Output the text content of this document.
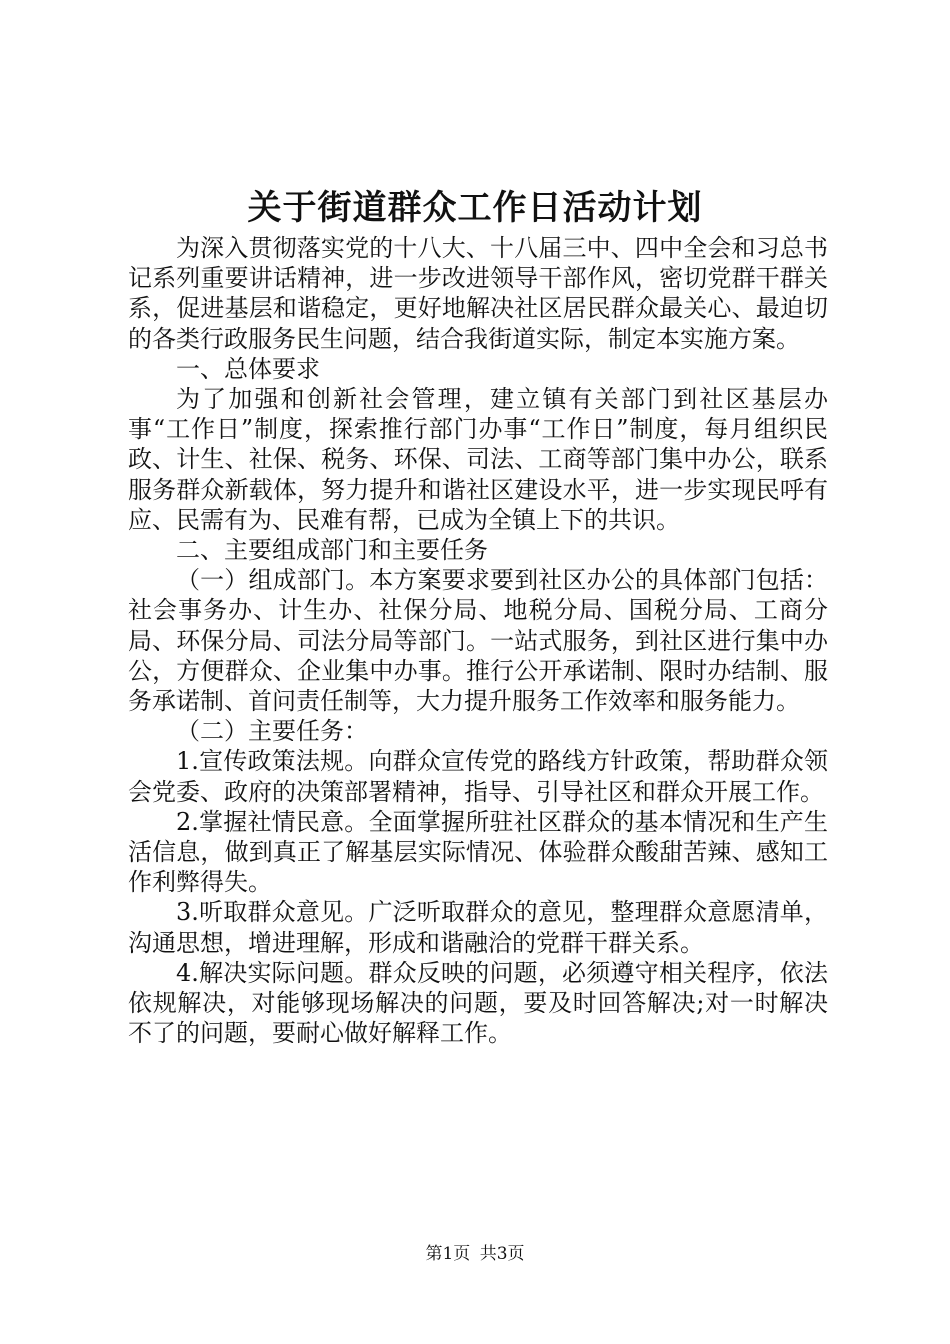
关于街道群众工作日活动计划

为深入贯彻落实党的十八大、十八届三中、四中全会和习总书记系列重要讲话精神，进一步改进领导干部作风，密切党群干群关系，促进基层和谐稳定，更好地解决社区居民群众最关心、最迫切的各类行政服务民生问题，结合我街道实际，制定本实施方案。

一、总体要求

为了加强和创新社会管理，建立镇有关部门到社区基层办事“工作日”制度，探索推行部门办事“工作日”制度，每月组织民政、计生、社保、税务、环保、司法、工商等部门集中办公，联系服务群众新载体，努力提升和谐社区建设水平，进一步实现民呼有应、民需有为、民难有帮，已成为全镇上下的共识。

二、主要组成部门和主要任务

（一）组成部门。本方案要求要到社区办公的具体部门包括：社会事务办、计生办、社保分局、地税分局、国税分局、工商分局、环保分局、司法分局等部门。一站式服务，到社区进行集中办公，方便群众、企业集中办事。推行公开承诺制、限时办结制、服务承诺制、首问责任制等，大力提升服务工作效率和服务能力。

（二）主要任务：

1.宣传政策法规。向群众宣传党的路线方针政策，帮助群众领会党委、政府的决策部署精神，指导、引导社区和群众开展工作。

2.掌握社情民意。全面掌握所驻社区群众的基本情况和生产生活信息，做到真正了解基层实际情况、体验群众酸甜苦辣、感知工作利弊得失。

3.听取群众意见。广泛听取群众的意见，整理群众意愿清单，沟通思想，增进理解，形成和谐融洽的党群干群关系。

4.解决实际问题。群众反映的问题，必须遵守相关程序，依法依规解决，对能够现场解决的问题，要及时回答解决;对一时解决不了的问题，要耐心做好解释工作。

第1页 共3页
